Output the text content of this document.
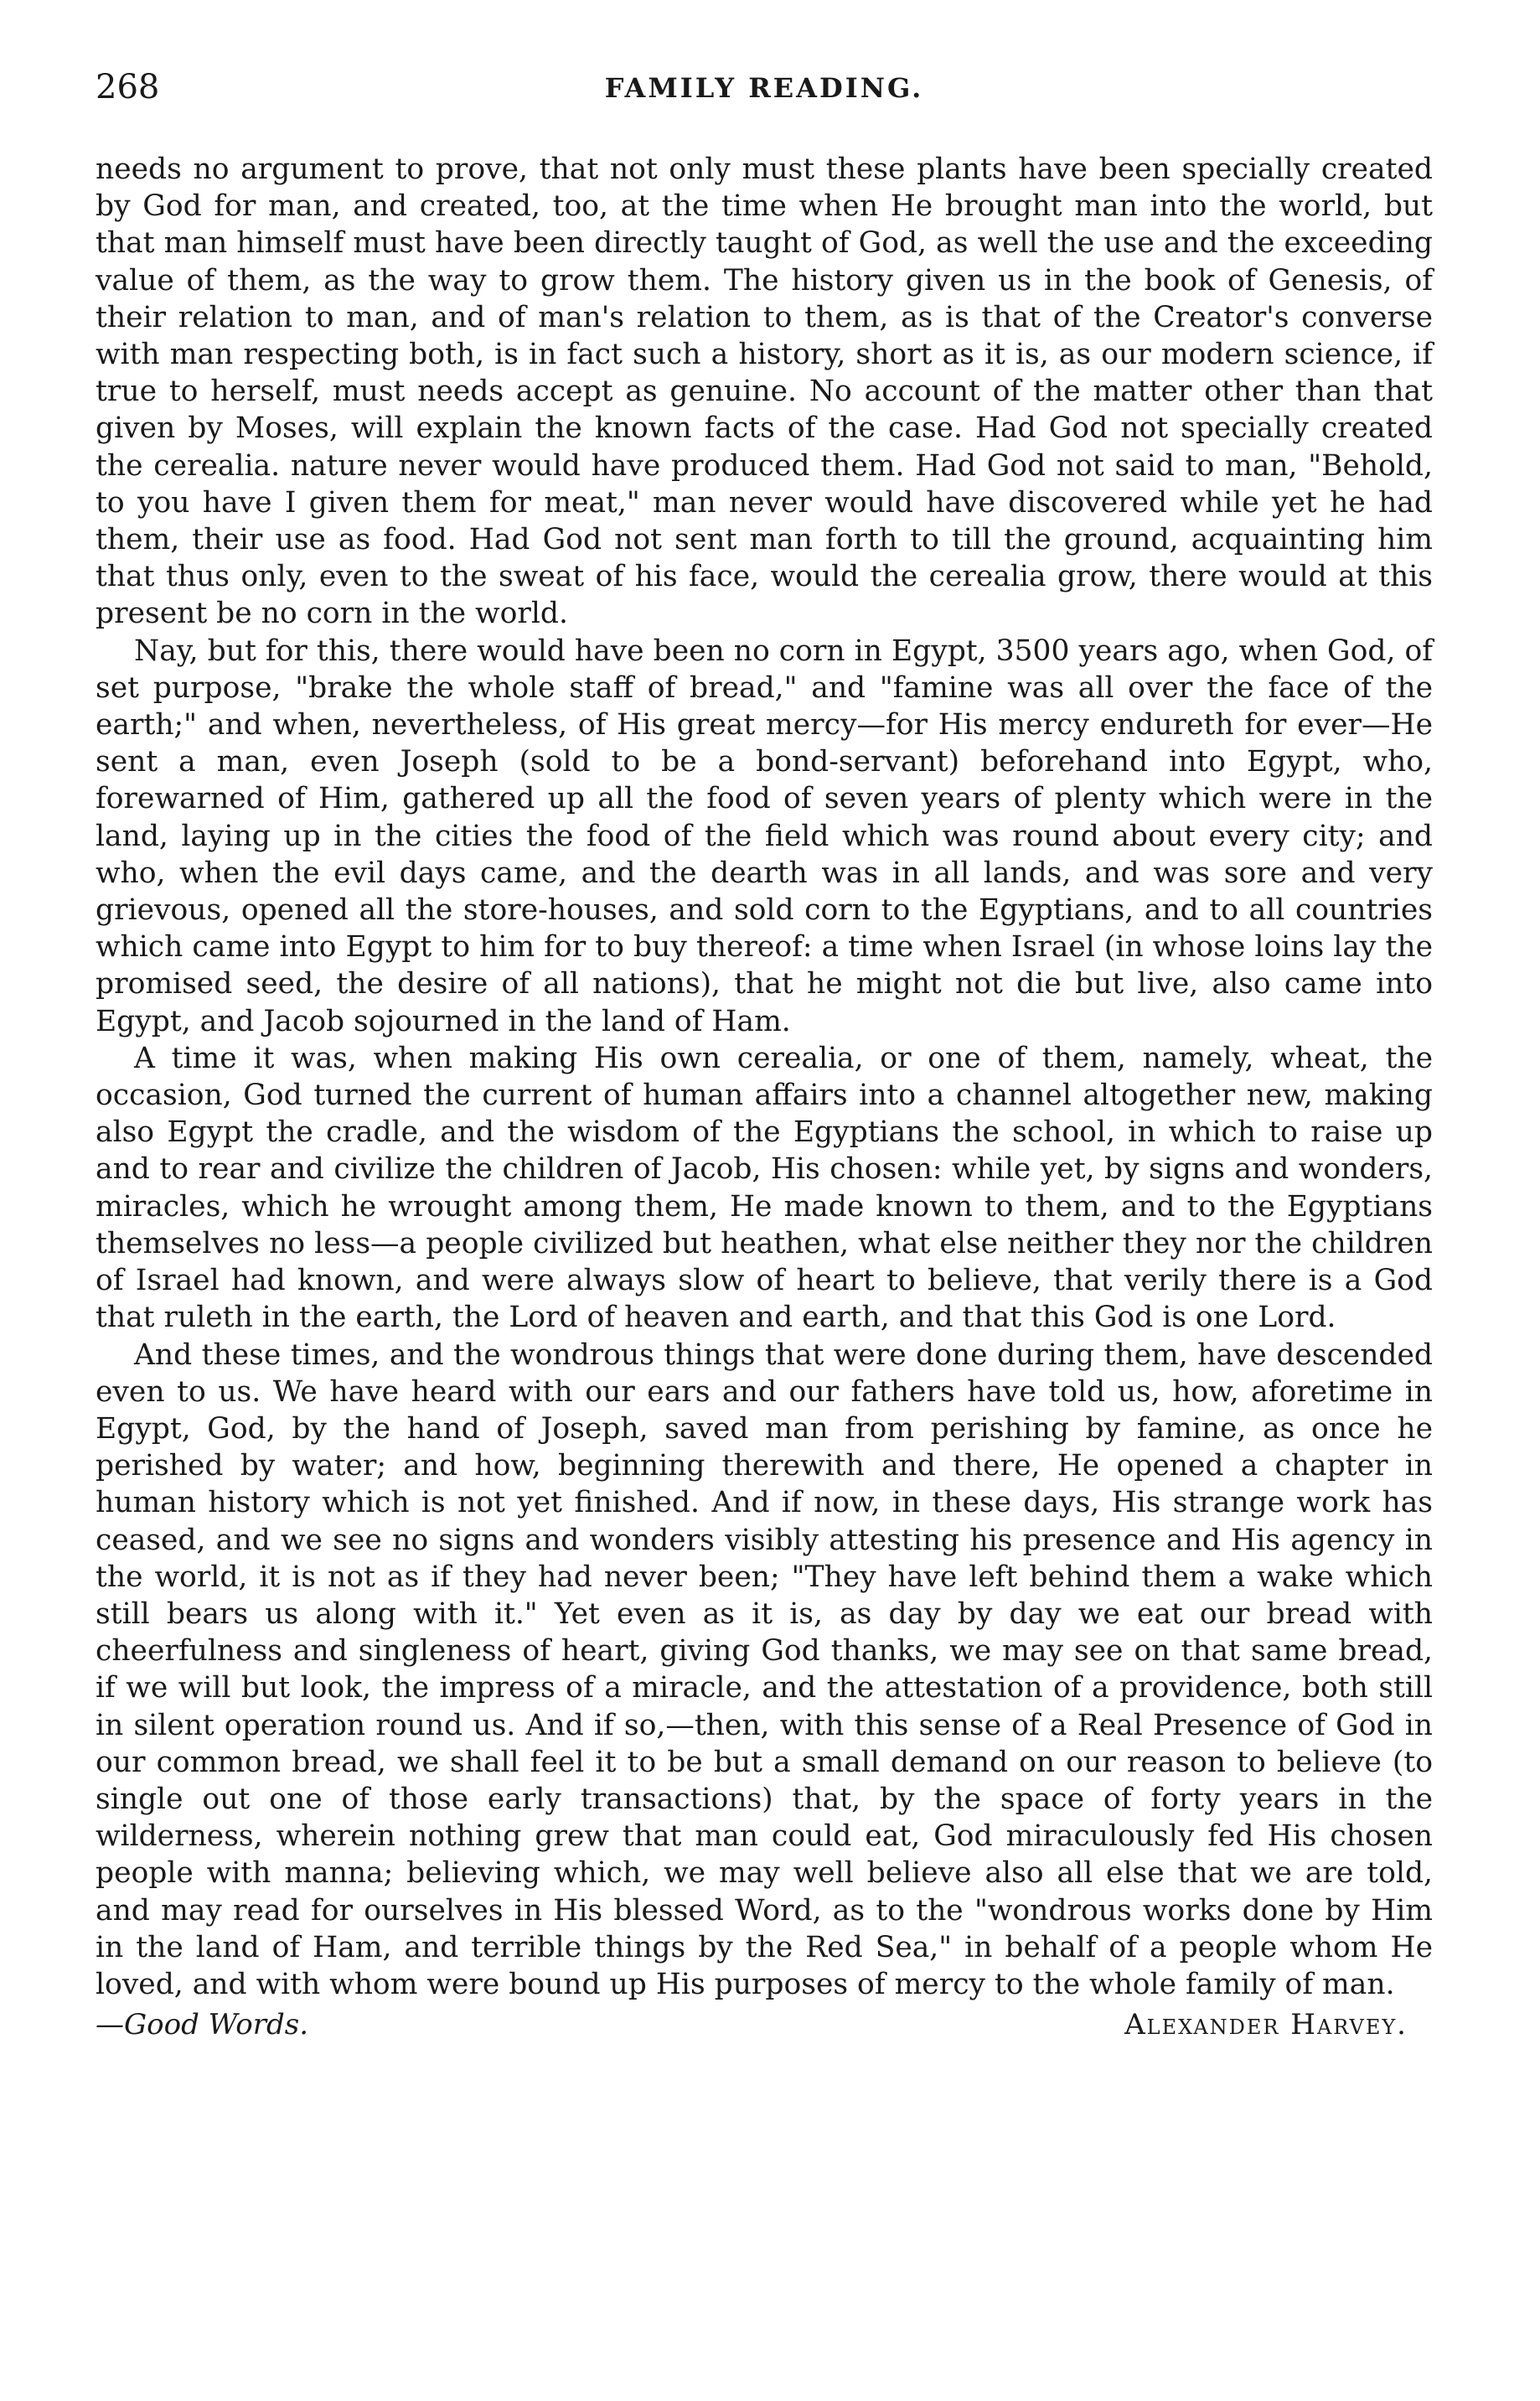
268	FAMILY READING.

needs no argument to prove, that not only must these plants have been specially created by God for man, and created, too, at the time when He brought man into the world, but that man himself must have been directly taught of God, as well the use and the exceeding value of them, as the way to grow them. The history given us in the book of Genesis, of their relation to man, and of man's relation to them, as is that of the Creator's converse with man respecting both, is in fact such a history, short as it is, as our modern science, if true to herself, must needs accept as genuine. No account of the matter other than that given by Moses, will explain the known facts of the case. Had God not specially created the cerealia. nature never would have produced them. Had God not said to man, "Behold, to you have I given them for meat," man never would have discovered while yet he had them, their use as food. Had God not sent man forth to till the ground, acquainting him that thus only, even to the sweat of his face, would the cerealia grow, there would at this present be no corn in the world.

Nay, but for this, there would have been no corn in Egypt, 3500 years ago, when God, of set purpose, "brake the whole staff of bread," and "famine was all over the face of the earth;" and when, nevertheless, of His great mercy—for His mercy endureth for ever—He sent a man, even Joseph (sold to be a bond-servant) beforehand into Egypt, who, forewarned of Him, gathered up all the food of seven years of plenty which were in the land, laying up in the cities the food of the field which was round about every city; and who, when the evil days came, and the dearth was in all lands, and was sore and very grievous, opened all the store-houses, and sold corn to the Egyptians, and to all countries which came into Egypt to him for to buy thereof: a time when Israel (in whose loins lay the promised seed, the desire of all nations), that he might not die but live, also came into Egypt, and Jacob sojourned in the land of Ham.

A time it was, when making His own cerealia, or one of them, namely, wheat, the occasion, God turned the current of human affairs into a channel altogether new, making also Egypt the cradle, and the wisdom of the Egyptians the school, in which to raise up and to rear and civilize the children of Jacob, His chosen: while yet, by signs and wonders, miracles, which he wrought among them, He made known to them, and to the Egyptians themselves no less—a people civilized but heathen, what else neither they nor the children of Israel had known, and were always slow of heart to believe, that verily there is a God that ruleth in the earth, the Lord of heaven and earth, and that this God is one Lord.

And these times, and the wondrous things that were done during them, have descended even to us. We have heard with our ears and our fathers have told us, how, aforetime in Egypt, God, by the hand of Joseph, saved man from perishing by famine, as once he perished by water; and how, beginning therewith and there, He opened a chapter in human history which is not yet finished. And if now, in these days, His strange work has ceased, and we see no signs and wonders visibly attesting his presence and His agency in the world, it is not as if they had never been; "They have left behind them a wake which still bears us along with it." Yet even as it is, as day by day we eat our bread with cheerfulness and singleness of heart, giving God thanks, we may see on that same bread, if we will but look, the impress of a miracle, and the attestation of a providence, both still in silent operation round us. And if so,—then, with this sense of a Real Presence of God in our common bread, we shall feel it to be but a small demand on our reason to believe (to single out one of those early transactions) that, by the space of forty years in the wilderness, wherein nothing grew that man could eat, God miraculously fed His chosen people with manna; believing which, we may well believe also all else that we are told, and may read for ourselves in His blessed Word, as to the "wondrous works done by Him in the land of Ham, and terrible things by the Red Sea," in behalf of a people whom He loved, and with whom were bound up His purposes of mercy to the whole family of man.

—Good Words.	Alexander Harvey.
